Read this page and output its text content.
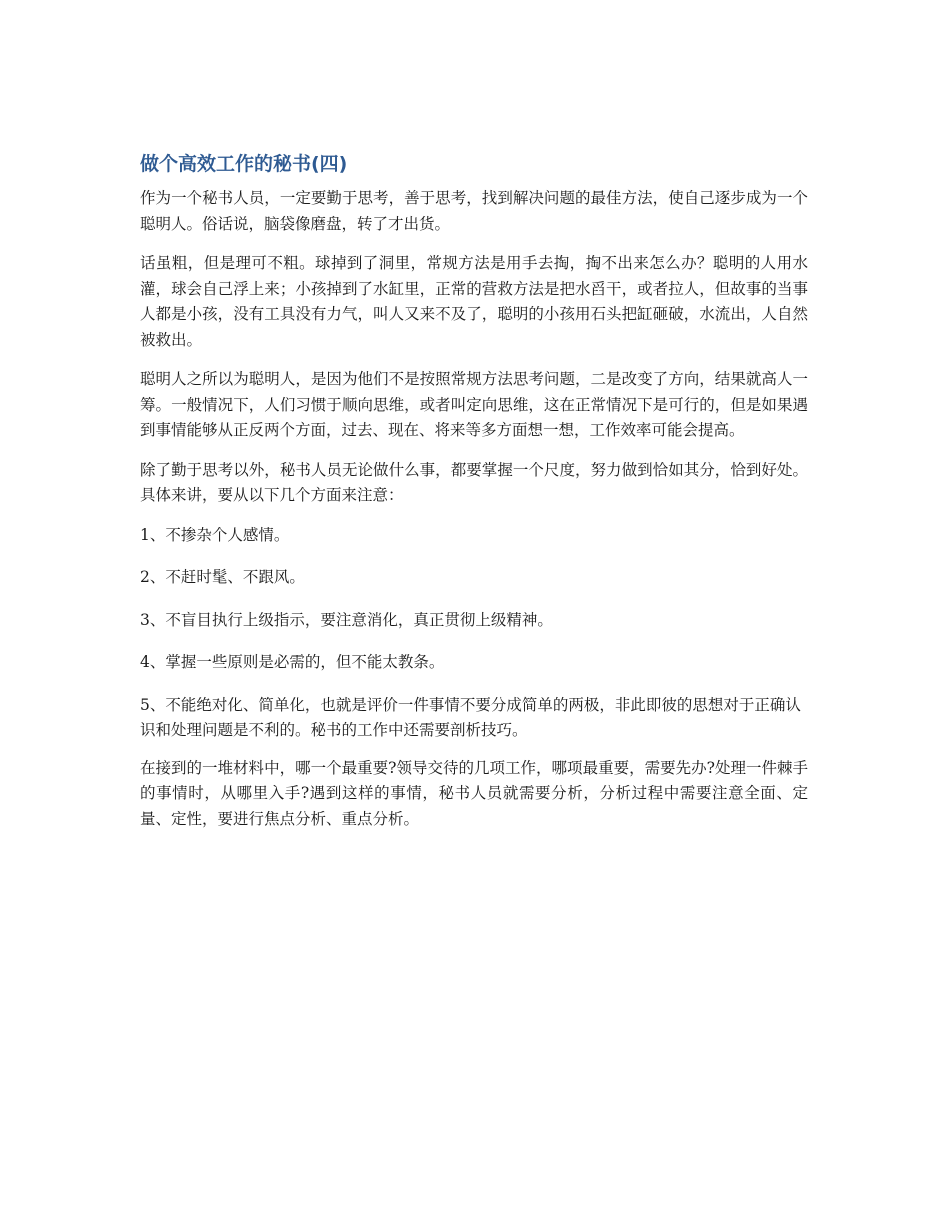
做个高效工作的秘书(四)

作为一个秘书人员，一定要勤于思考，善于思考，找到解决问题的最佳方法，使自己逐步成为一个聪明人。俗话说，脑袋像磨盘，转了才出货。

话虽粗，但是理可不粗。球掉到了洞里，常规方法是用手去掏，掏不出来怎么办？聪明的人用水灌，球会自己浮上来；小孩掉到了水缸里，正常的营救方法是把水舀干，或者拉人，但故事的当事人都是小孩，没有工具没有力气，叫人又来不及了，聪明的小孩用石头把缸砸破，水流出，人自然被救出。

聪明人之所以为聪明人，是因为他们不是按照常规方法思考问题，二是改变了方向，结果就高人一筹。一般情况下，人们习惯于顺向思维，或者叫定向思维，这在正常情况下是可行的，但是如果遇到事情能够从正反两个方面，过去、现在、将来等多方面想一想，工作效率可能会提高。

除了勤于思考以外，秘书人员无论做什么事，都要掌握一个尺度，努力做到恰如其分，恰到好处。具体来讲，要从以下几个方面来注意：

1、不掺杂个人感情。

2、不赶时髦、不跟风。

3、不盲目执行上级指示，要注意消化，真正贯彻上级精神。

4、掌握一些原则是必需的，但不能太教条。

5、不能绝对化、简单化，也就是评价一件事情不要分成简单的两极，非此即彼的思想对于正确认识和处理问题是不利的。秘书的工作中还需要剖析技巧。

在接到的一堆材料中，哪一个最重要?领导交待的几项工作，哪项最重要，需要先办?处理一件棘手的事情时，从哪里入手?遇到这样的事情，秘书人员就需要分析，分析过程中需要注意全面、定量、定性，要进行焦点分析、重点分析。
